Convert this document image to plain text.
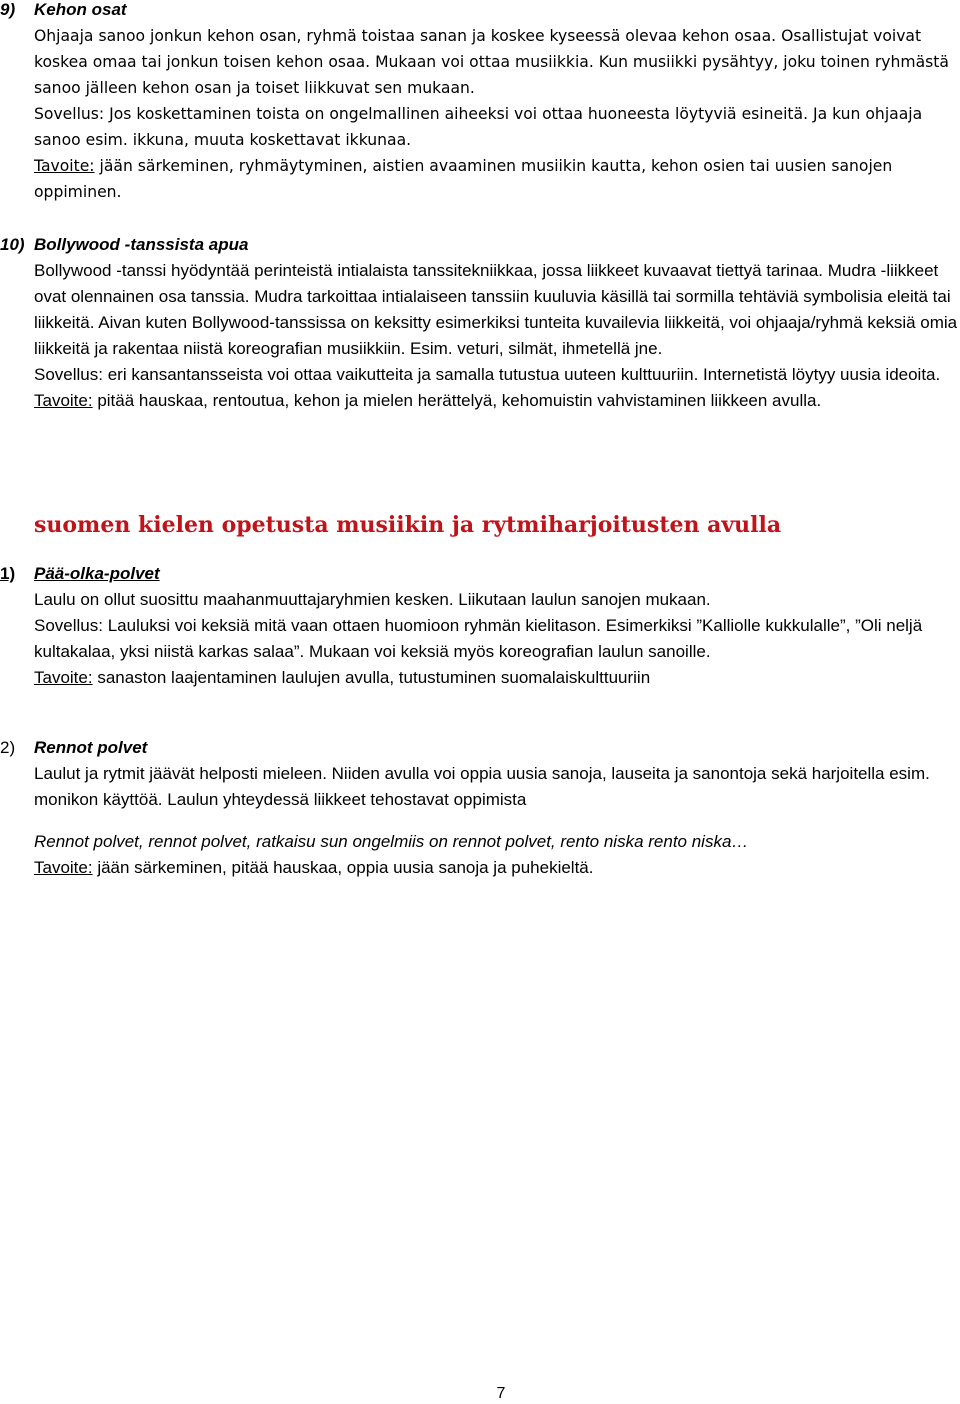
9) Kehon osat

Ohjaaja sanoo jonkun kehon osan, ryhmä toistaa sanan ja koskee kyseessä olevaa kehon osaa. Osallistujat voivat koskea omaa tai jonkun toisen kehon osaa. Mukaan voi ottaa musiikkia. Kun musiikki pysähtyy, joku toinen ryhmästä sanoo jälleen kehon osan ja toiset liikkuvat sen mukaan.

Sovellus: Jos koskettaminen toista on ongelmallinen aiheeksi voi ottaa huoneesta löytyviä esineitä. Ja kun ohjaaja sanoo esim. ikkuna, muuta koskettavat ikkunaa.

Tavoite: jään särkeminen, ryhmäytyminen, aistien avaaminen musiikin kautta, kehon osien tai uusien sanojen oppiminen.

10) Bollywood -tanssista apua

Bollywood -tanssi hyödyntää perinteistä intialaista tanssitekniikkaa, jossa liikkeet kuvaavat tiettyä tarinaa. Mudra -liikkeet ovat olennainen osa tanssia. Mudra tarkoittaa intialaiseen tanssiin kuuluvia käsillä tai sormilla tehtäviä symbolisia eleitä tai liikkeitä. Aivan kuten Bollywood-tanssissa on keksitty esimerkiksi tunteita kuvailevia liikkeitä, voi ohjaaja/ryhmä keksiä omia liikkeitä ja rakentaa niistä koreografian musiikkiin. Esim. veturi, silmät, ihmetellä jne.

Sovellus: eri kansantansseista voi ottaa vaikutteita ja samalla tutustua uuteen kulttuuriin. Internetistä löytyy uusia ideoita.

Tavoite: pitää hauskaa, rentoutua, kehon ja mielen herättelyä, kehomuistin vahvistaminen liikkeen avulla.

suomen kielen opetusta musiikin ja rytmiharjoitusten avulla
1) Pää-olka-polvet

Laulu on ollut suosittu maahanmuuttajaryhmien kesken. Liikutaan laulun sanojen mukaan.

Sovellus: Lauluksi voi keksiä mitä vaan ottaen huomioon ryhmän kielitason. Esimerkiksi ”Kalliolle kukkulalle”, ”Oli neljä kultakalaa, yksi niistä karkas salaa”. Mukaan voi keksiä myös koreografian laulun sanoille.

Tavoite: sanaston laajentaminen laulujen avulla, tutustuminen suomalaiskulttuuriin

2) Rennot polvet

Laulut ja rytmit jäävät helposti mieleen. Niiden avulla voi oppia uusia sanoja, lauseita ja sanontoja sekä harjoitella esim. monikon käyttöä. Laulun yhteydessä liikkeet tehostavat oppimista

Rennot polvet, rennot polvet, ratkaisu sun ongelmiis on rennot polvet, rento niska rento niska…

Tavoite: jään särkeminen, pitää hauskaa, oppia uusia sanoja ja puhekieltä.

7
